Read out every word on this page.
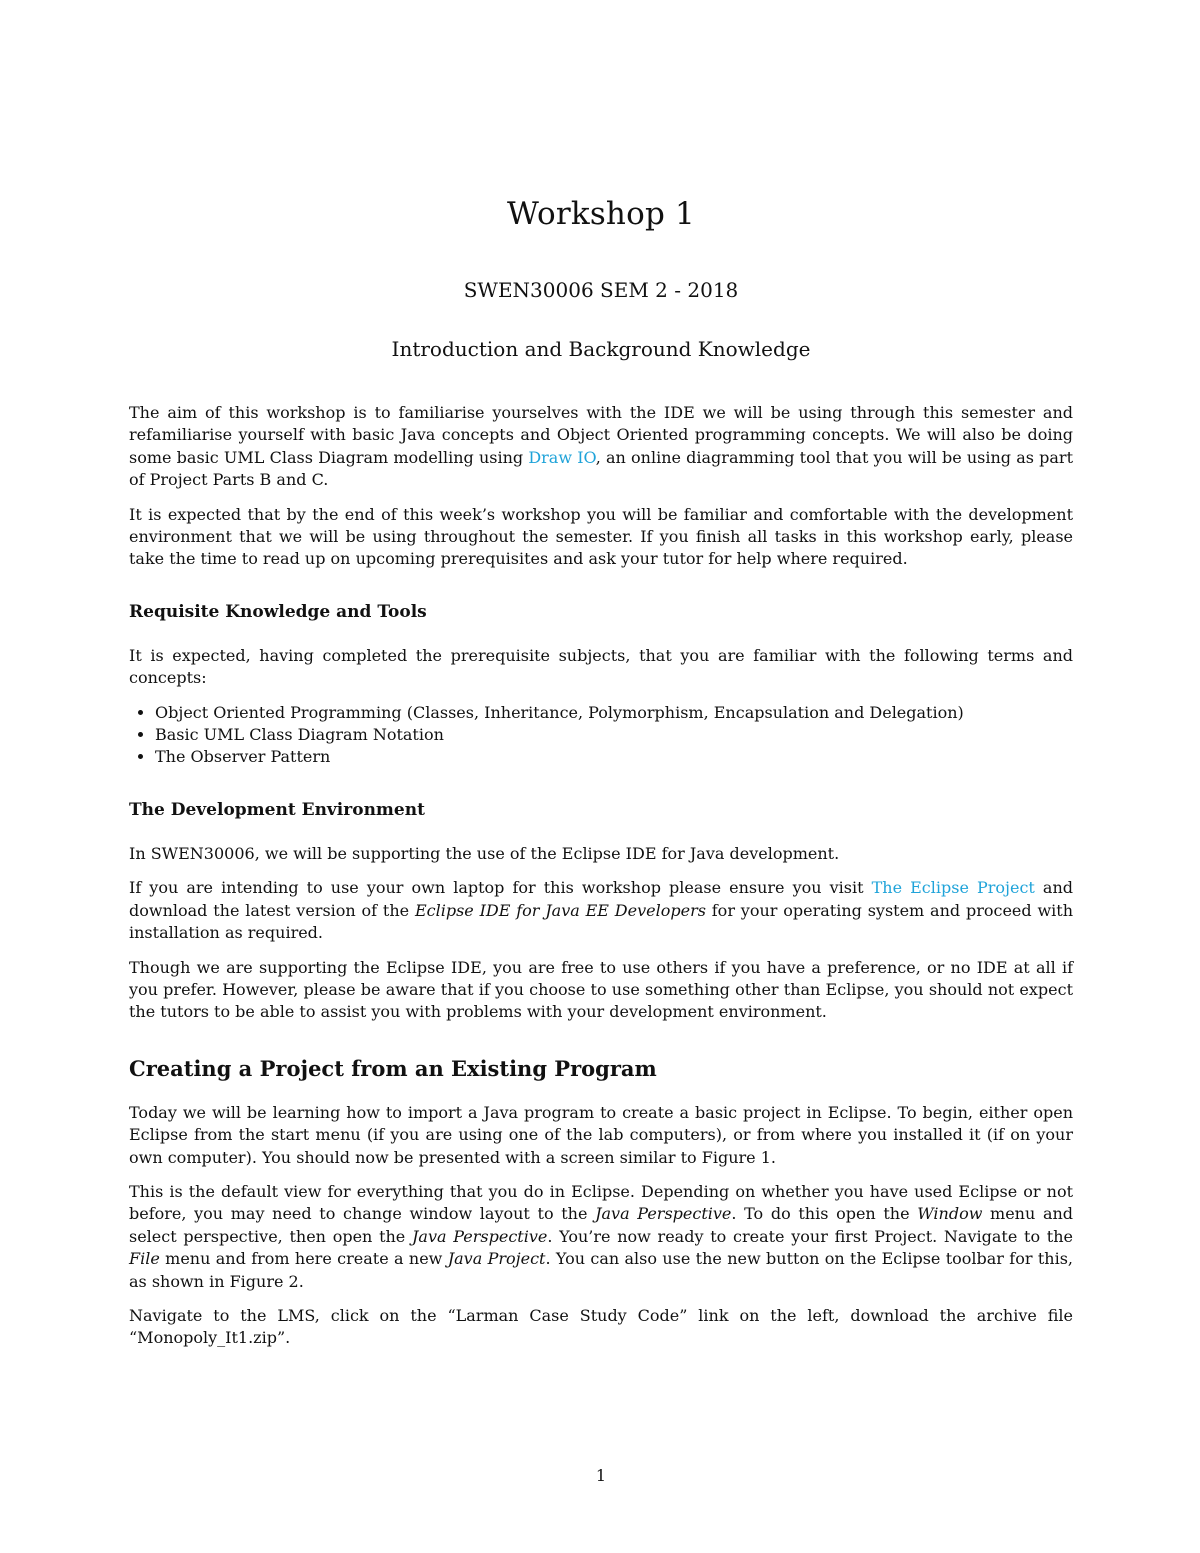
Workshop 1
SWEN30006 SEM 2 - 2018
Introduction and Background Knowledge

The aim of this workshop is to familiarise yourselves with the IDE we will be using through this semester and refamiliarise yourself with basic Java concepts and Object Oriented programming concepts. We will also be doing some basic UML Class Diagram modelling using Draw IO, an online diagramming tool that you will be using as part of Project Parts B and C.

It is expected that by the end of this week’s workshop you will be familiar and comfortable with the development environment that we will be using throughout the semester. If you finish all tasks in this workshop early, please take the time to read up on upcoming prerequisites and ask your tutor for help where required.

Requisite Knowledge and Tools

It is expected, having completed the prerequisite subjects, that you are familiar with the following terms and concepts:

• Object Oriented Programming (Classes, Inheritance, Polymorphism, Encapsulation and Delegation)
• Basic UML Class Diagram Notation
• The Observer Pattern
The Development Environment

In SWEN30006, we will be supporting the use of the Eclipse IDE for Java development.

If you are intending to use your own laptop for this workshop please ensure you visit The Eclipse Project and download the latest version of the Eclipse IDE for Java EE Developers for your operating system and proceed with installation as required.

Though we are supporting the Eclipse IDE, you are free to use others if you have a preference, or no IDE at all if you prefer. However, please be aware that if you choose to use something other than Eclipse, you should not expect the tutors to be able to assist you with problems with your development environment.

Creating a Project from an Existing Program

Today we will be learning how to import a Java program to create a basic project in Eclipse. To begin, either open Eclipse from the start menu (if you are using one of the lab computers), or from where you installed it (if on your own computer). You should now be presented with a screen similar to Figure 1.

This is the default view for everything that you do in Eclipse. Depending on whether you have used Eclipse or not before, you may need to change window layout to the Java Perspective. To do this open the Window menu and select perspective, then open the Java Perspective. You’re now ready to create your first Project. Navigate to the File menu and from here create a new Java Project. You can also use the new button on the Eclipse toolbar for this, as shown in Figure 2.

Navigate to the LMS, click on the “Larman Case Study Code” link on the left, download the archive file “Monopoly_It1.zip”.

1
